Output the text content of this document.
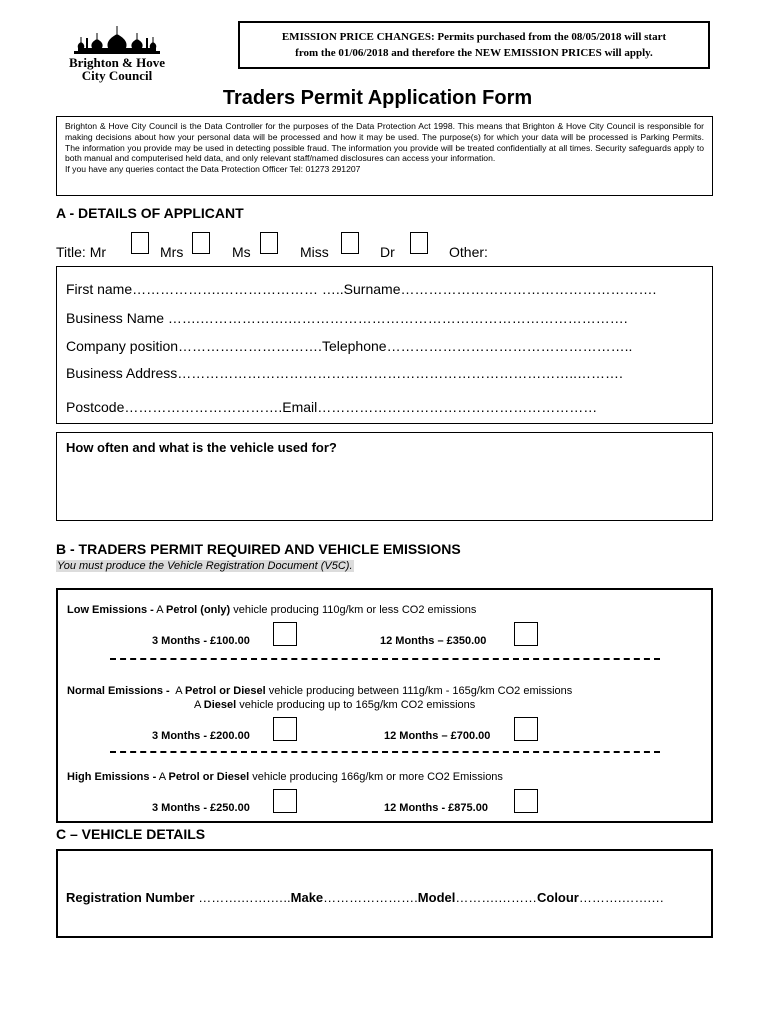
Brighton & Hove
City Council
EMISSION PRICE CHANGES: Permits purchased from the 08/05/2018 will start
from the 01/06/2018 and therefore the NEW EMISSION PRICES will apply.
Traders Permit Application Form

Brighton & Hove City Council is the Data Controller for the purposes of the Data Protection Act 1998. This means that Brighton & Hove City Council is responsible for making decisions about how your personal data will be processed and how it may be used. The purpose(s) for which your data will be processed is Parking Permits. The information you provide may be used in detecting possible fraud. The information you provide will be treated confidentially at all times. Security safeguards apply to both manual and computerised held data, and only relevant staff/named disclosures can access your information.

If you have any queries contact the Data Protection Officer Tel: 01273 291207

A - DETAILS OF APPLICANT
Title: Mr	Mrs	Ms	Miss	Dr	Other:
First name……………….………………… …..Surname……………………………………………….
Business Name …….……………….……………………………………………………………….
Company position………………………….Telephone……………………………………………..
Business Address…………………………………………………………………………..……….
Postcode…………………………….Email……………………………………………………
How often and what is the vehicle used for?
B - TRADERS PERMIT REQUIRED AND VEHICLE EMISSIONS
You must produce the Vehicle Registration Document (V5C).
Low Emissions - A Petrol (only) vehicle producing 110g/km or less CO2 emissions
3 Months - £100.00	12 Months – £350.00
Normal Emissions - A Petrol or Diesel vehicle producing between 111g/km - 165g/km CO2 emissions
A Diesel vehicle producing up to 165g/km CO2 emissions
3 Months - £200.00	12 Months – £700.00
High Emissions - A Petrol or Diesel vehicle producing 166g/km or more CO2 Emissions
3 Months - £250.00	12 Months - £875.00
C – VEHICLE DETAILS
Registration Number ……….…….…..Make………………….Model……….………Colour……….…….…
